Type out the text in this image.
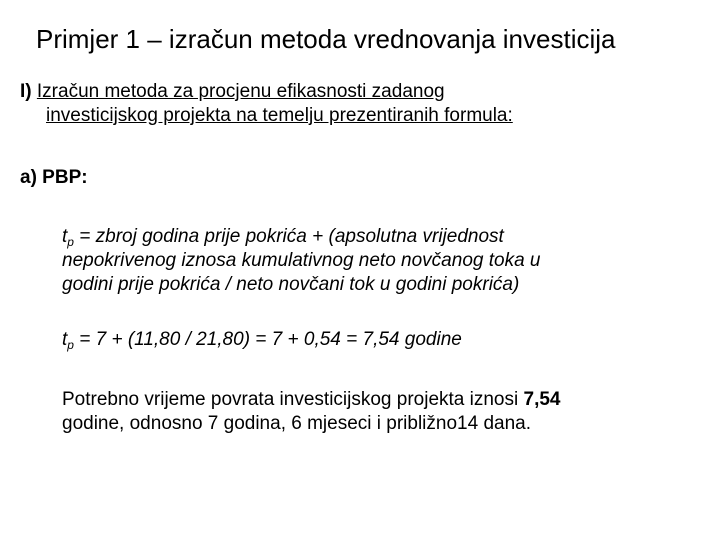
Primjer 1 – izračun metoda vrednovanja investicija
I) Izračun metoda za procjenu efikasnosti zadanog
investicijskog projekta na temelju prezentiranih formula:
a) PBP:
$t_p$ = zbroj godina prije pokrića + (apsolutna vrijednost
nepokrivenog iznosa kumulativnog neto novčanog toka u
godini prije pokrića / neto novčani tok u godini pokrića)
$t_p = 7 + (11,80 / 21,80) = 7 + 0,54 = 7,54$ godine
Potrebno vrijeme povrata investicijskog projekta iznosi 7,54
godine, odnosno 7 godina, 6 mjeseci i približno14 dana.
